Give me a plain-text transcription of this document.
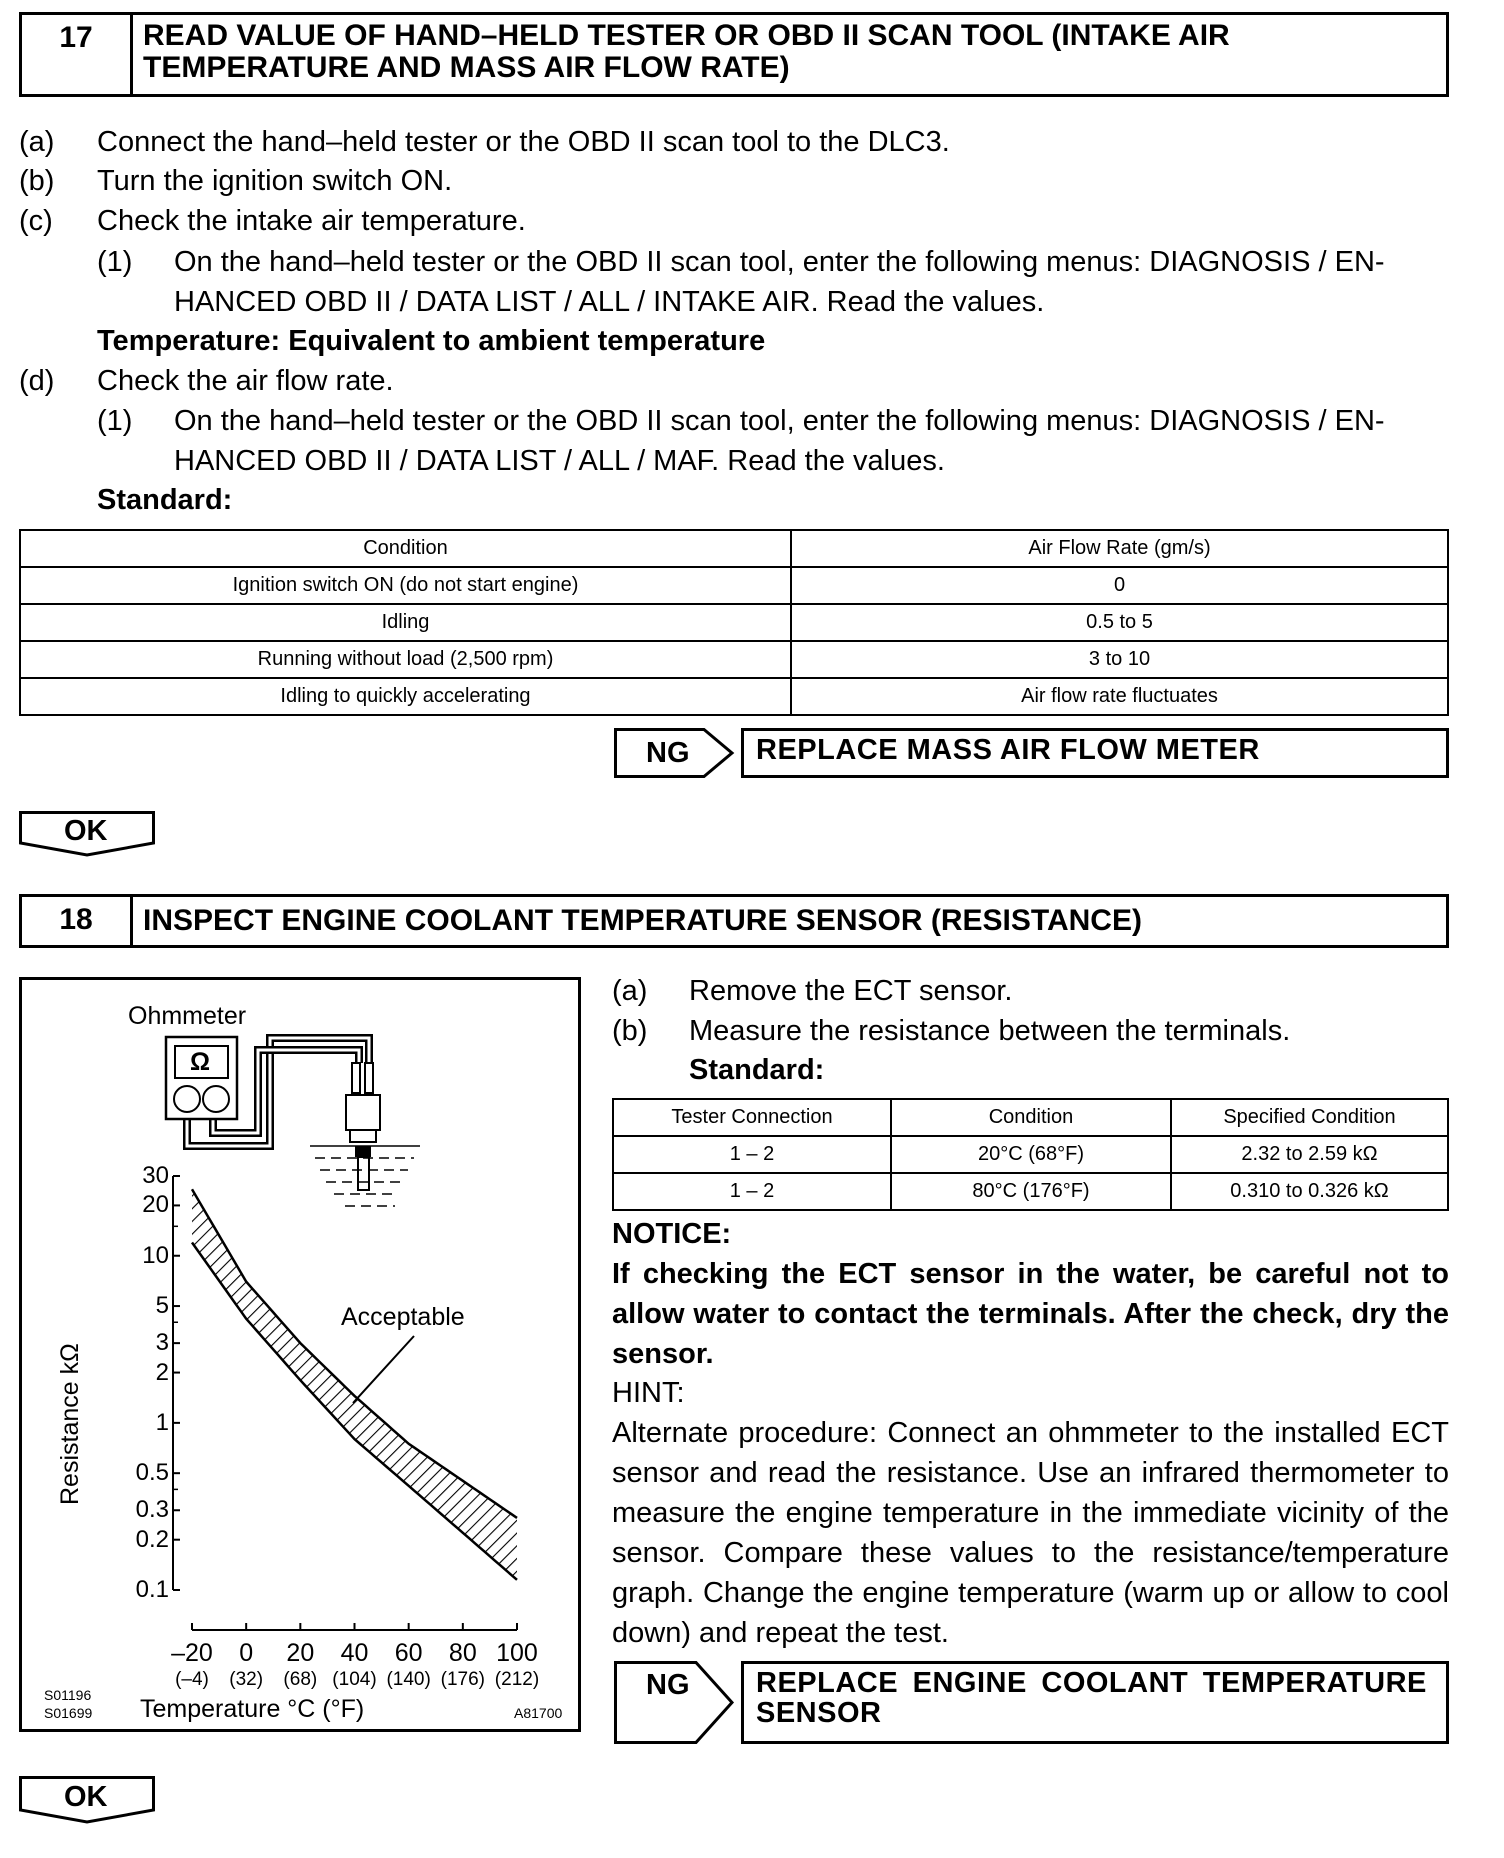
17	READ VALUE OF HAND–HELD TESTER OR OBD II SCAN TOOL (INTAKE AIR TEMPERATURE AND MASS AIR FLOW RATE)
(a) Connect the hand–held tester or the OBD II scan tool to the DLC3.
(b) Turn the ignition switch ON.
(c) Check the intake air temperature.
(1) On the hand–held tester or the OBD II scan tool, enter the following menus: DIAGNOSIS / EN-
HANCED OBD II / DATA LIST / ALL / INTAKE AIR. Read the values.
Temperature: Equivalent to ambient temperature
(d) Check the air flow rate.
(1) On the hand–held tester or the OBD II scan tool, enter the following menus: DIAGNOSIS / EN-
HANCED OBD II / DATA LIST / ALL / MAF. Read the values.
Standard:
Condition	Air Flow Rate (gm/s)
Ignition switch ON (do not start engine)	0
Idling	0.5 to 5
Running without load (2,500 rpm)	3 to 10
Idling to quickly accelerating	Air flow rate fluctuates
NG	REPLACE MASS AIR FLOW METER
OK
18	INSPECT ENGINE COOLANT TEMPERATURE SENSOR (RESISTANCE)
Ohmmeter
Ω
Acceptable
Resistance kΩ
Temperature °C (°F)
S01196
S01699	A81700
30
20
10
5
3
2
1
0.5
0.3
0.2
0.1
–20
(–4)
0
(32)
20
(68)
40
(104)
60
(140)
80
(176)
100
(212)
(a) Remove the ECT sensor.
(b) Measure the resistance between the terminals.
Standard:
Tester Connection	Condition	Specified Condition
1 – 2	20°C (68°F)	2.32 to 2.59 kΩ
1 – 2	80°C (176°F)	0.310 to 0.326 kΩ
NOTICE:
If checking the ECT sensor in the water, be careful not to allow water to contact the terminals. After the check, dry the sensor.
HINT:
Alternate procedure: Connect an ohmmeter to the installed ECT sensor and read the resistance. Use an infrared thermometer to measure the engine temperature in the immediate vicinity of the sensor. Compare these values to the resistance/temperature graph. Change the engine temperature (warm up or allow to cool down) and repeat the test.
NG	REPLACE ENGINE COOLANT TEMPERATURE SENSOR
OK
